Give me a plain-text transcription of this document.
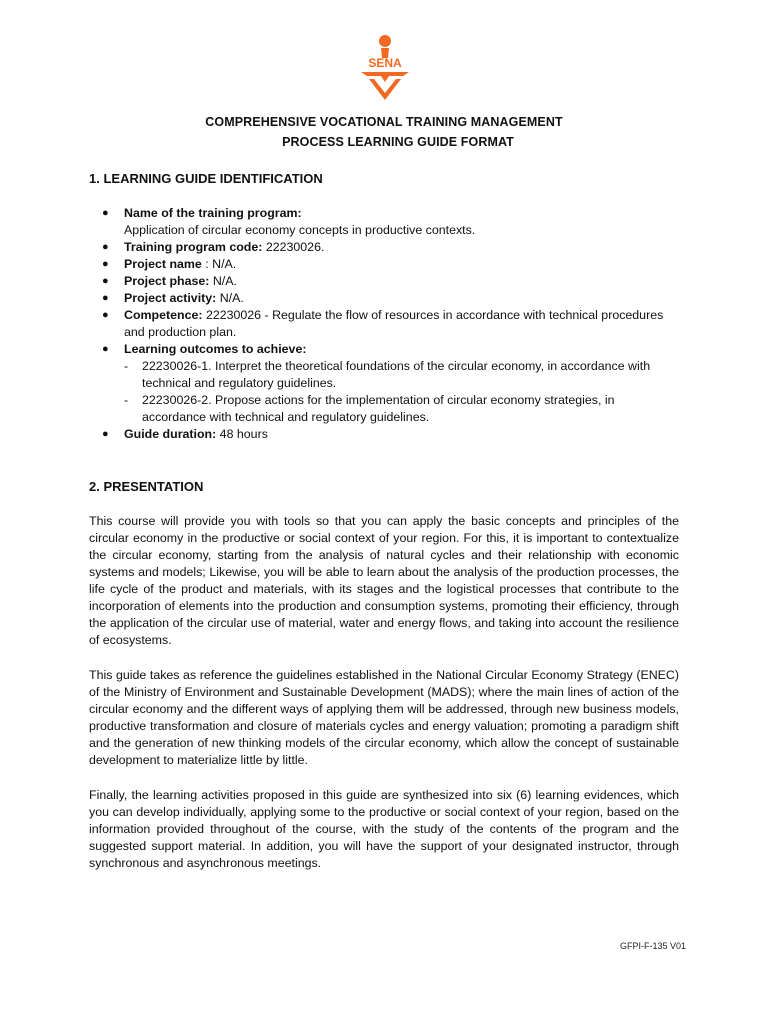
SENA
COMPREHENSIVE VOCATIONAL TRAINING MANAGEMENT
PROCESS LEARNING GUIDE FORMAT
1. LEARNING GUIDE IDENTIFICATION
● Name of the training program:
Application of circular economy concepts in productive contexts.
● Training program code: 22230026.
● Project name : N/A.
● Project phase: N/A.
● Project activity: N/A.
● Competence: 22230026 - Regulate the flow of resources in accordance with technical procedures and production plan.
● Learning outcomes to achieve:
- 22230026-1. Interpret the theoretical foundations of the circular economy, in accordance with technical and regulatory guidelines.
- 22230026-2. Propose actions for the implementation of circular economy strategies, in accordance with technical and regulatory guidelines.
● Guide duration: 48 hours
2. PRESENTATION

This course will provide you with tools so that you can apply the basic concepts and principles of the circular economy in the productive or social context of your region. For this, it is important to contextualize the circular economy, starting from the analysis of natural cycles and their relationship with economic systems and models; Likewise, you will be able to learn about the analysis of the production processes, the life cycle of the product and materials, with its stages and the logistical processes that contribute to the incorporation of elements into the production and consumption systems, promoting their efficiency, through the application of the circular use of material, water and energy flows, and taking into account the resilience of ecosystems.

This guide takes as reference the guidelines established in the National Circular Economy Strategy (ENEC) of the Ministry of Environment and Sustainable Development (MADS); where the main lines of action of the circular economy and the different ways of applying them will be addressed, through new business models, productive transformation and closure of materials cycles and energy valuation; promoting a paradigm shift and the generation of new thinking models of the circular economy, which allow the concept of sustainable development to materialize little by little.

Finally, the learning activities proposed in this guide are synthesized into six (6) learning evidences, which you can develop individually, applying some to the productive or social context of your region, based on the information provided throughout of the course, with the study of the contents of the program and the suggested support material. In addition, you will have the support of your designated instructor, through synchronous and asynchronous meetings.

GFPI-F-135 V01
